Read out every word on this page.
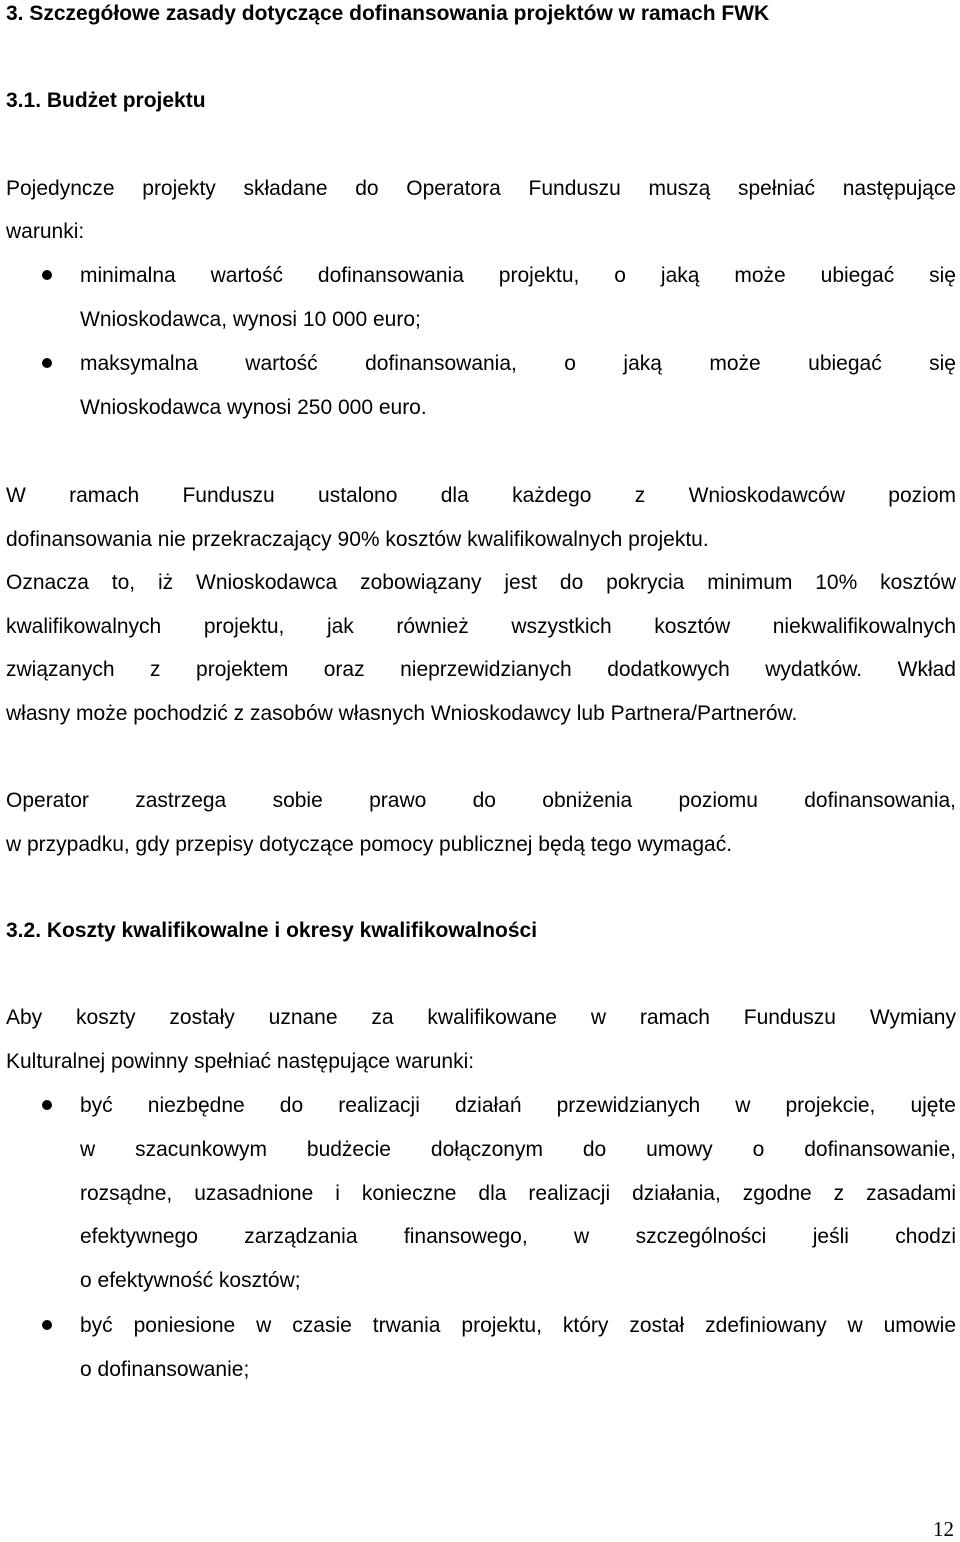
3. Szczegółowe zasady dotyczące dofinansowania projektów w ramach FWK
3.1. Budżet projektu
Pojedyncze projekty składane do Operatora Funduszu muszą spełniać następujące
warunki:
minimalna wartość dofinansowania projektu, o jaką może ubiegać się
Wnioskodawca, wynosi 10 000 euro;
maksymalna wartość dofinansowania, o jaką może ubiegać się
Wnioskodawca wynosi 250 000 euro.
W ramach Funduszu ustalono dla każdego z Wnioskodawców poziom
dofinansowania nie przekraczający 90% kosztów kwalifikowalnych projektu.
Oznacza to, iż Wnioskodawca zobowiązany jest do pokrycia minimum 10% kosztów
kwalifikowalnych projektu, jak również wszystkich kosztów niekwalifikowalnych
związanych z projektem oraz nieprzewidzianych dodatkowych wydatków. Wkład
własny może pochodzić z zasobów własnych Wnioskodawcy lub Partnera/Partnerów.
Operator zastrzega sobie prawo do obniżenia poziomu dofinansowania,
w przypadku, gdy przepisy dotyczące pomocy publicznej będą tego wymagać.
3.2. Koszty kwalifikowalne i okresy kwalifikowalności
Aby koszty zostały uznane za kwalifikowane w ramach Funduszu Wymiany
Kulturalnej powinny spełniać następujące warunki:
być niezbędne do realizacji działań przewidzianych w projekcie, ujęte
w szacunkowym budżecie dołączonym do umowy o dofinansowanie,
rozsądne, uzasadnione i konieczne dla realizacji działania, zgodne z zasadami
efektywnego zarządzania finansowego, w szczególności jeśli chodzi
o efektywność kosztów;
być poniesione w czasie trwania projektu, który został zdefiniowany w umowie
o dofinansowanie;
12
